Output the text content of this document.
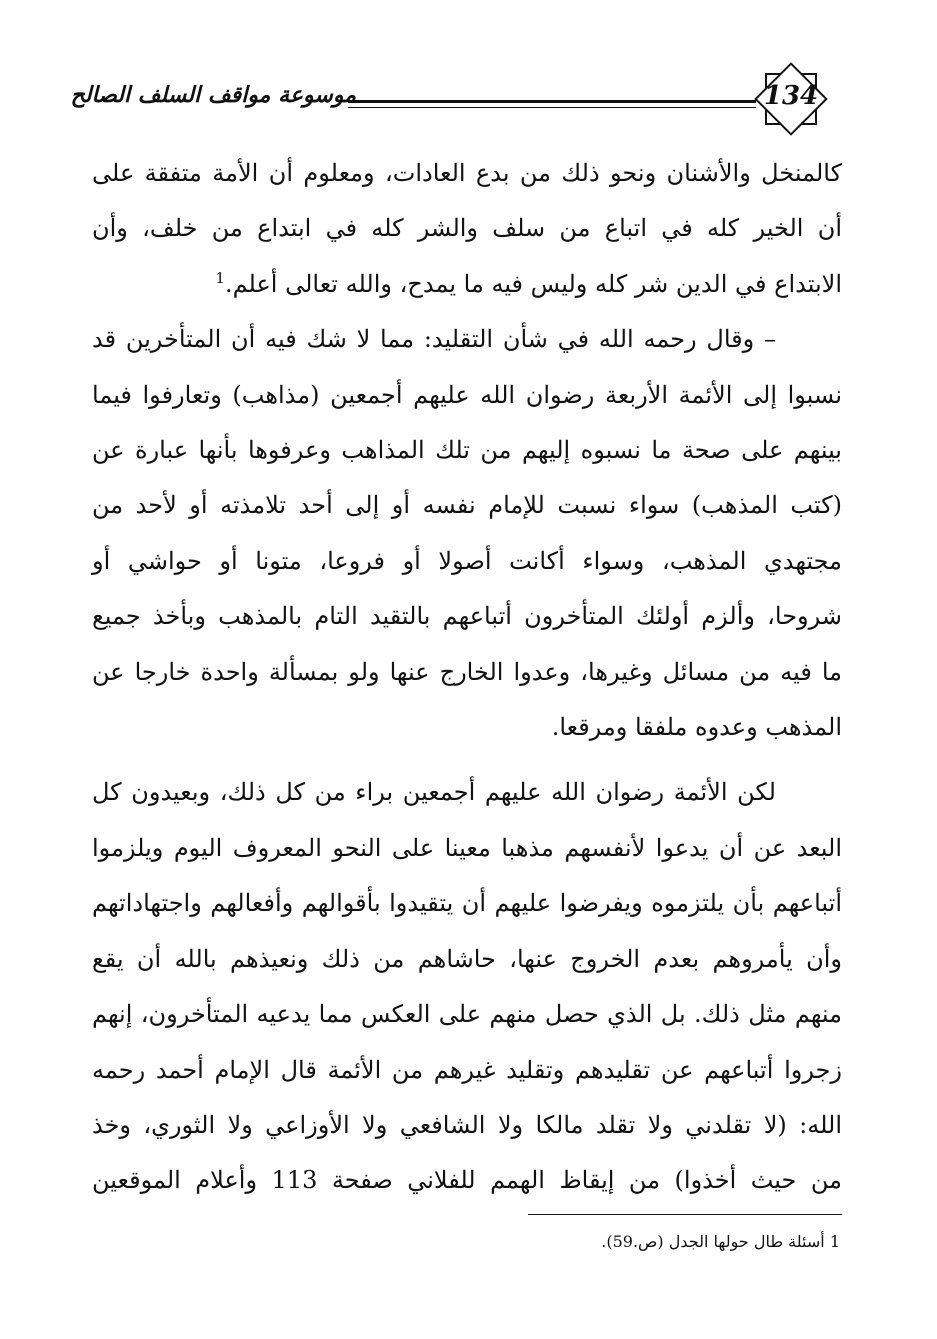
موسوعة مواقف السلف الصالح	134

كالمنخل والأشنان ونحو ذلك من بدع العادات، ومعلوم أن الأمة متفقة على

أن الخير كله في اتباع من سلف والشر كله في ابتداع من خلف، وأن

الابتداع في الدين شر كله وليس فيه ما يمدح، والله تعالى أعلم.$^1$

– وقال رحمه الله في شأن التقليد: مما لا شك فيه أن المتأخرين قد

نسبوا إلى الأئمة الأربعة رضوان الله عليهم أجمعين (مذاهب) وتعارفوا فيما

بينهم على صحة ما نسبوه إليهم من تلك المذاهب وعرفوها بأنها عبارة عن

(كتب المذهب) سواء نسبت للإمام نفسه أو إلى أحد تلامذته أو لأحد من

مجتهدي المذهب، وسواء أكانت أصولا أو فروعا، متونا أو حواشي أو

شروحا، وألزم أولئك المتأخرون أتباعهم بالتقيد التام بالمذهب وبأخذ جميع

ما فيه من مسائل وغيرها، وعدوا الخارج عنها ولو بمسألة واحدة خارجا عن

المذهب وعدوه ملفقا ومرقعا.

لكن الأئمة رضوان الله عليهم أجمعين براء من كل ذلك، وبعيدون كل

البعد عن أن يدعوا لأنفسهم مذهبا معينا على النحو المعروف اليوم ويلزموا

أتباعهم بأن يلتزموه ويفرضوا عليهم أن يتقيدوا بأقوالهم وأفعالهم واجتهاداتهم

وأن يأمروهم بعدم الخروج عنها، حاشاهم من ذلك ونعيذهم بالله أن يقع

منهم مثل ذلك. بل الذي حصل منهم على العكس مما يدعيه المتأخرون، إنهم

زجروا أتباعهم عن تقليدهم وتقليد غيرهم من الأئمة قال الإمام أحمد رحمه

الله: (لا تقلدني ولا تقلد مالكا ولا الشافعي ولا الأوزاعي ولا الثوري، وخذ

من حيث أخذوا) من إيقاظ الهمم للفلاني صفحة 113 وأعلام الموقعين

1 أسئلة طال حولها الجدل (ص.59).
